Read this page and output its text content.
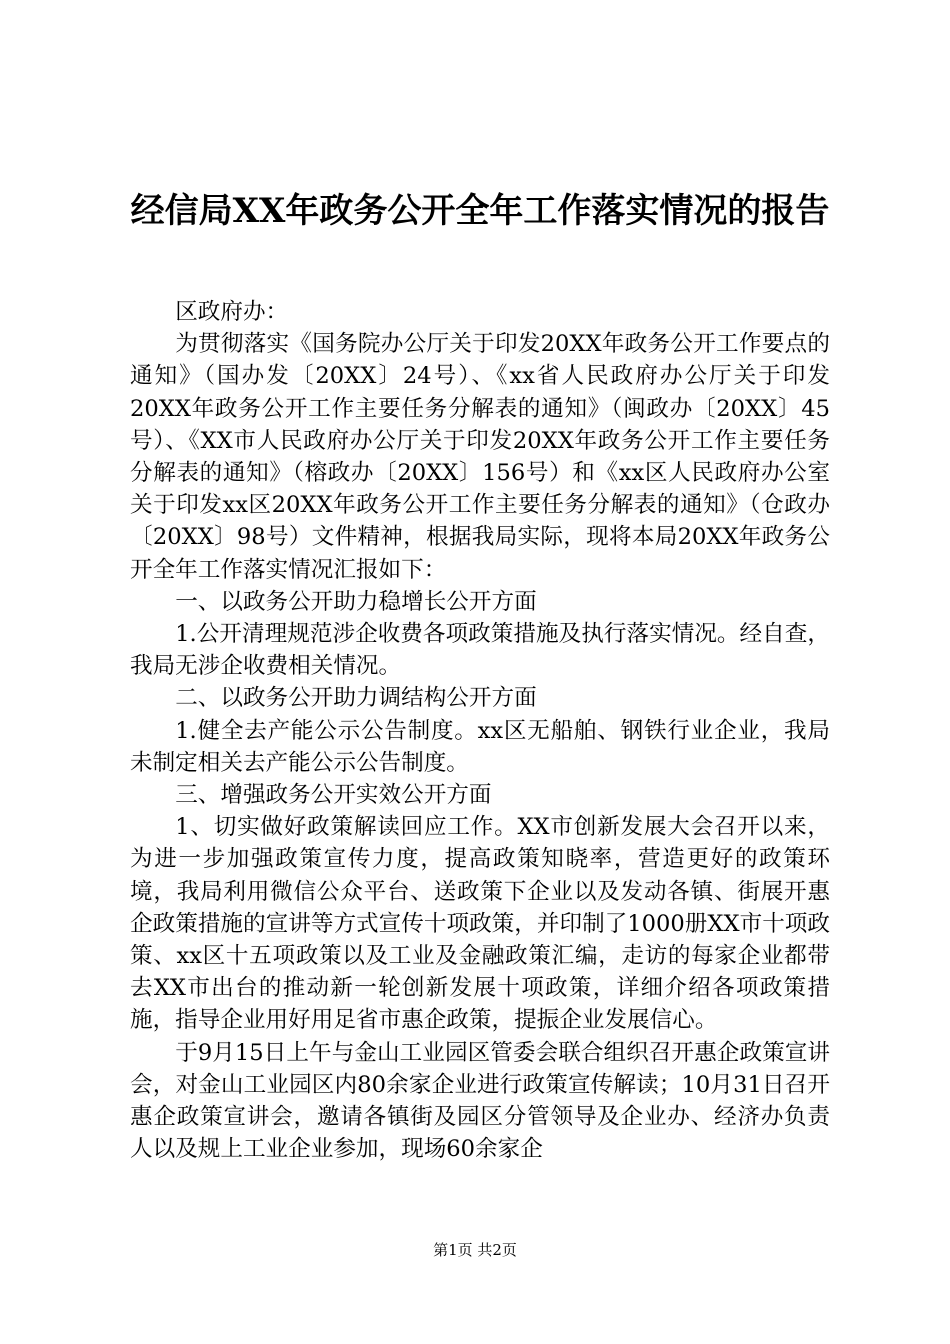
经信局XX年政务公开全年工作落实情况的报告

区政府办：

为贯彻落实《国务院办公厅关于印发20XX年政务公开工作要点的通知》（国办发〔20XX〕24号）、《xx省人民政府办公厅关于印发20XX年政务公开工作主要任务分解表的通知》（闽政办〔20XX〕45号）、《XX市人民政府办公厅关于印发20XX年政务公开工作主要任务分解表的通知》（榕政办〔20XX〕156号）和《xx区人民政府办公室关于印发xx区20XX年政务公开工作主要任务分解表的通知》（仓政办〔20XX〕98号）文件精神，根据我局实际，现将本局20XX年政务公开全年工作落实情况汇报如下：

一、以政务公开助力稳增长公开方面

1.公开清理规范涉企收费各项政策措施及执行落实情况。经自查，我局无涉企收费相关情况。

二、以政务公开助力调结构公开方面

1.健全去产能公示公告制度。xx区无船舶、钢铁行业企业，我局未制定相关去产能公示公告制度。

三、增强政务公开实效公开方面

1、切实做好政策解读回应工作。XX市创新发展大会召开以来，为进一步加强政策宣传力度，提高政策知晓率，营造更好的政策环境，我局利用微信公众平台、送政策下企业以及发动各镇、街展开惠企政策措施的宣讲等方式宣传十项政策，并印制了1000册XX市十项政策、xx区十五项政策以及工业及金融政策汇编，走访的每家企业都带去XX市出台的推动新一轮创新发展十项政策，详细介绍各项政策措施，指导企业用好用足省市惠企政策，提振企业发展信心。

于9月15日上午与金山工业园区管委会联合组织召开惠企政策宣讲会，对金山工业园区内80余家企业进行政策宣传解读；10月31日召开惠企政策宣讲会，邀请各镇街及园区分管领导及企业办、经济办负责人以及规上工业企业参加，现场60余家企

第1页 共2页
